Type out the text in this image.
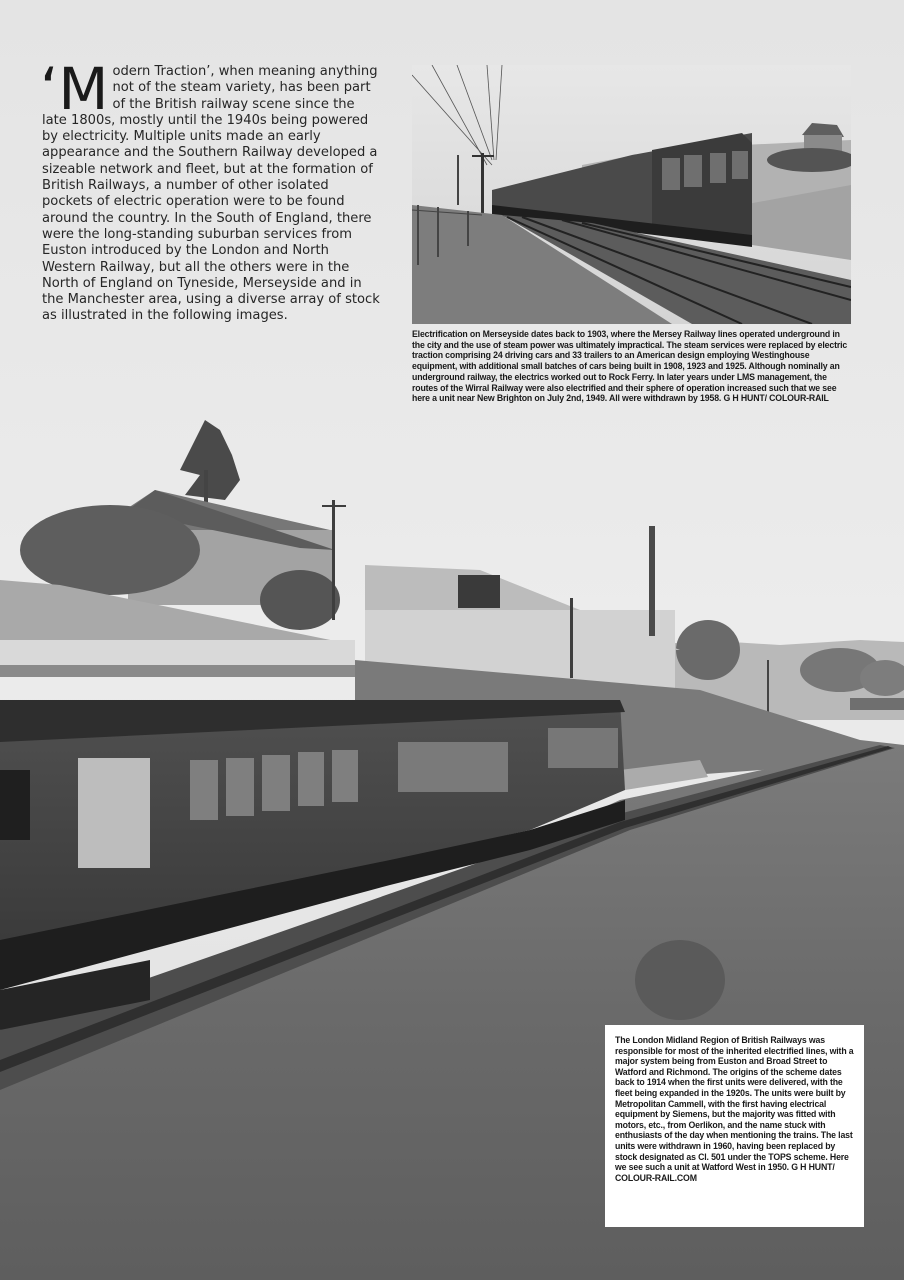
‘M odern Traction’, when meaning anything not of the steam variety, has been part of the British railway scene since the late 1800s, mostly until the 1940s being powered by electricity. Multiple units made an early appearance and the Southern Railway developed a sizeable network and fleet, but at the formation of British Railways, a number of other isolated pockets of electric operation were to be found around the country. In the South of England, there were the long-standing suburban services from Euston introduced by the London and North Western Railway, but all the others were in the North of England on Tyneside, Merseyside and in the Manchester area, using a diverse array of stock as illustrated in the following images.
Electrification on Merseyside dates back to 1903, where the Mersey Railway lines operated underground in the city and the use of steam power was ultimately impractical. The steam services were replaced by electric traction comprising 24 driving cars and 33 trailers to an American design employing Westinghouse equipment, with additional small batches of cars being built in 1908, 1923 and 1925. Although nominally an underground railway, the electrics worked out to Rock Ferry. In later years under LMS management, the routes of the Wirral Railway were also electrified and their sphere of operation increased such that we see here a unit near New Brighton on July 2nd, 1949. All were withdrawn by 1958. G H HUNT/ COLOUR-RAIL
The London Midland Region of British Railways was responsible for most of the inherited electrified lines, with a major system being from Euston and Broad Street to Watford and Richmond. The origins of the scheme dates back to 1914 when the first units were delivered, with the fleet being expanded in the 1920s. The units were built by Metropolitan Cammell, with the first having electrical equipment by Siemens, but the majority was fitted with motors, etc., from Oerlikon, and the name stuck with enthusiasts of the day when mentioning the trains. The last units were withdrawn in 1960, having been replaced by stock designated as Cl. 501 under the TOPS scheme. Here we see such a unit at Watford West in 1950. G H HUNT/ COLOUR-RAIL.COM
